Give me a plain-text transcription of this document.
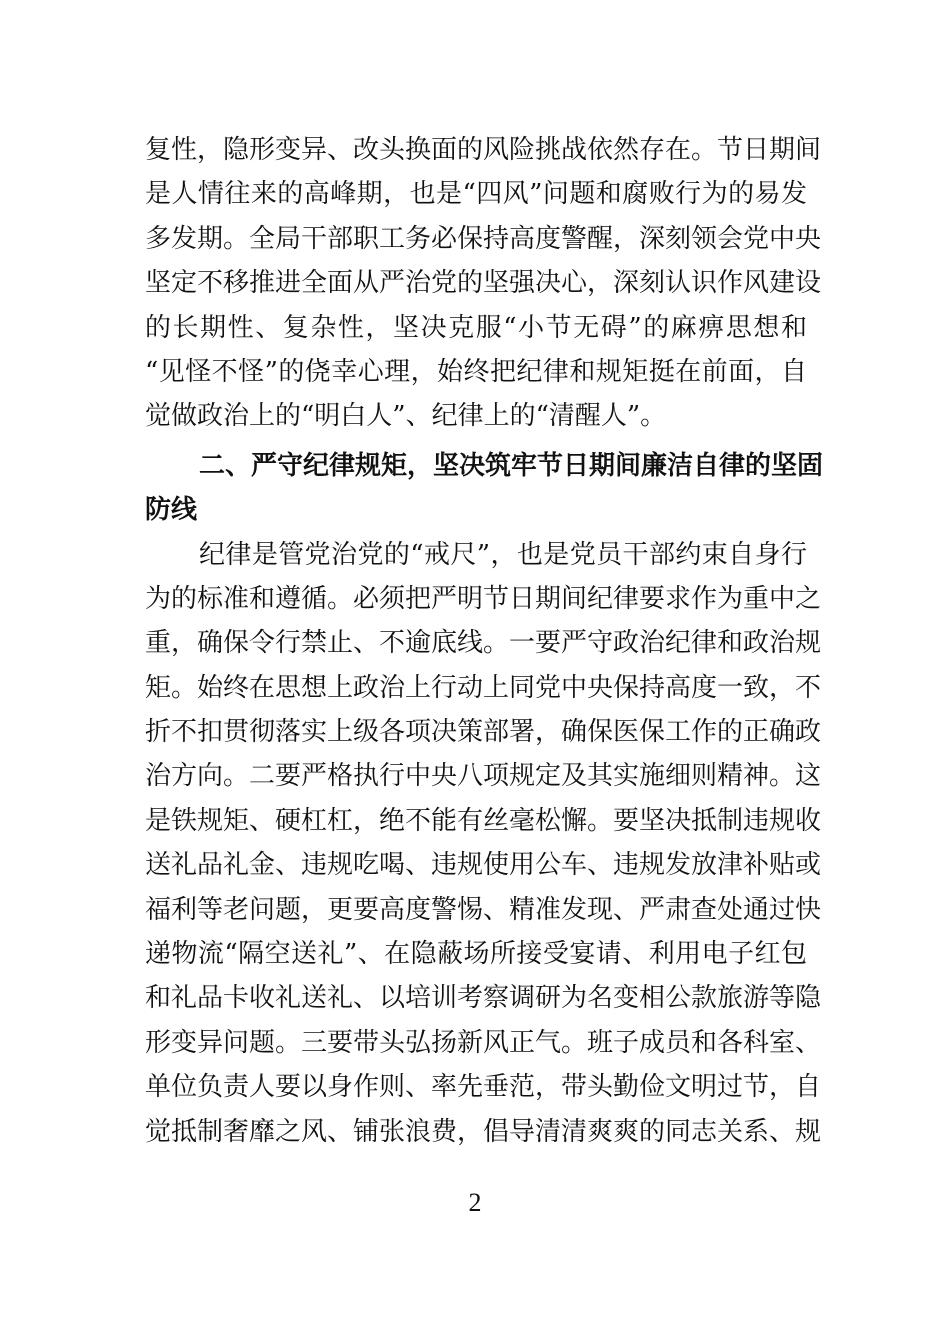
复性，隐形变异、改头换面的风险挑战依然存在。节日期间
是人情往来的高峰期，也是“四风”问题和腐败行为的易发
多发期。全局干部职工务必保持高度警醒，深刻领会党中央
坚定不移推进全面从严治党的坚强决心，深刻认识作风建设
的长期性、复杂性，坚决克服“小节无碍”的麻痹思想和
“见怪不怪”的侥幸心理，始终把纪律和规矩挺在前面，自
觉做政治上的“明白人”、纪律上的“清醒人”。
二、严守纪律规矩，坚决筑牢节日期间廉洁自律的坚固
防线
纪律是管党治党的“戒尺”，也是党员干部约束自身行
为的标准和遵循。必须把严明节日期间纪律要求作为重中之
重，确保令行禁止、不逾底线。一要严守政治纪律和政治规
矩。始终在思想上政治上行动上同党中央保持高度一致，不
折不扣贯彻落实上级各项决策部署，确保医保工作的正确政
治方向。二要严格执行中央八项规定及其实施细则精神。这
是铁规矩、硬杠杠，绝不能有丝毫松懈。要坚决抵制违规收
送礼品礼金、违规吃喝、违规使用公车、违规发放津补贴或
福利等老问题，更要高度警惕、精准发现、严肃查处通过快
递物流“隔空送礼”、在隐蔽场所接受宴请、利用电子红包
和礼品卡收礼送礼、以培训考察调研为名变相公款旅游等隐
形变异问题。三要带头弘扬新风正气。班子成员和各科室、
单位负责人要以身作则、率先垂范，带头勤俭文明过节，自
觉抵制奢靡之风、铺张浪费，倡导清清爽爽的同志关系、规
2
